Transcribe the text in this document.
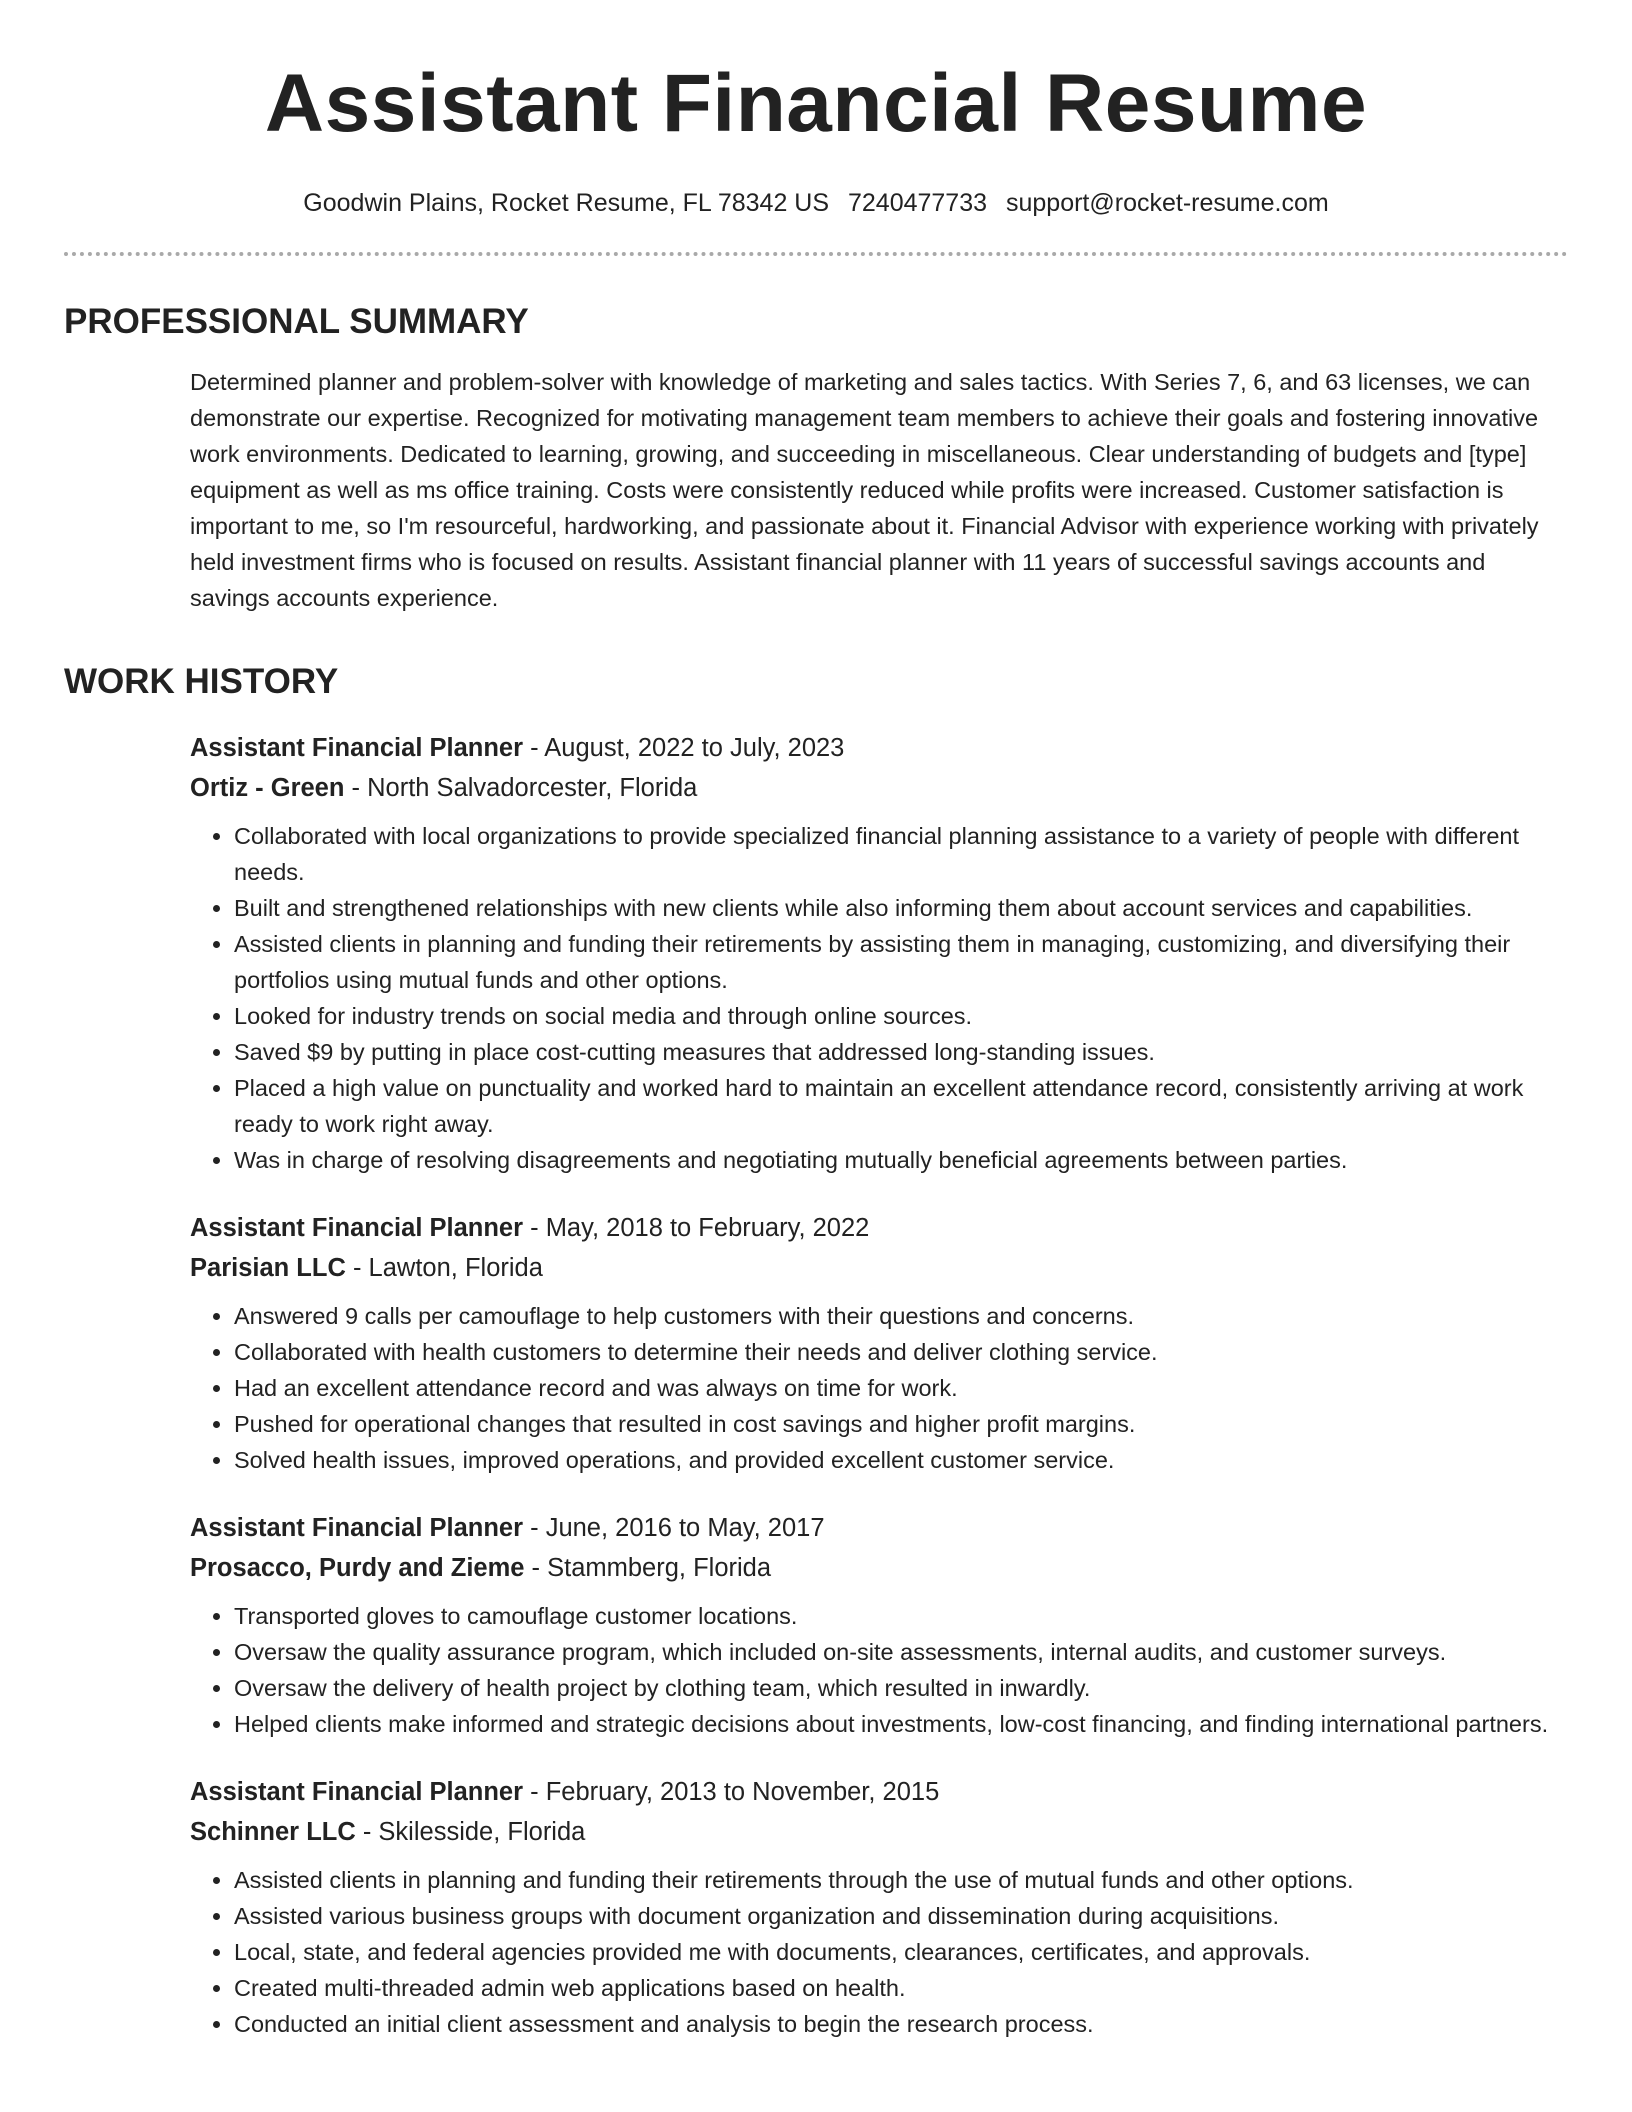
Assistant Financial Resume
Goodwin Plains, Rocket Resume, FL 78342 US 7240477733 support@rocket-resume.com
PROFESSIONAL SUMMARY

Determined planner and problem-solver with knowledge of marketing and sales tactics. With Series 7, 6, and 63 licenses, we can demonstrate our expertise. Recognized for motivating management team members to achieve their goals and fostering innovative work environments. Dedicated to learning, growing, and succeeding in miscellaneous. Clear understanding of budgets and [type] equipment as well as ms office training. Costs were consistently reduced while profits were increased. Customer satisfaction is important to me, so I'm resourceful, hardworking, and passionate about it. Financial Advisor with experience working with privately held investment firms who is focused on results. Assistant financial planner with 11 years of successful savings accounts and savings accounts experience.

WORK HISTORY
Assistant Financial Planner - August, 2022 to July, 2023
Ortiz - Green - North Salvadorcester, Florida
• Collaborated with local organizations to provide specialized financial planning assistance to a variety of people with different needs.
• Built and strengthened relationships with new clients while also informing them about account services and capabilities.
• Assisted clients in planning and funding their retirements by assisting them in managing, customizing, and diversifying their portfolios using mutual funds and other options.
• Looked for industry trends on social media and through online sources.
• Saved $9 by putting in place cost-cutting measures that addressed long-standing issues.
• Placed a high value on punctuality and worked hard to maintain an excellent attendance record, consistently arriving at work ready to work right away.
• Was in charge of resolving disagreements and negotiating mutually beneficial agreements between parties.
Assistant Financial Planner - May, 2018 to February, 2022
Parisian LLC - Lawton, Florida
• Answered 9 calls per camouflage to help customers with their questions and concerns.
• Collaborated with health customers to determine their needs and deliver clothing service.
• Had an excellent attendance record and was always on time for work.
• Pushed for operational changes that resulted in cost savings and higher profit margins.
• Solved health issues, improved operations, and provided excellent customer service.
Assistant Financial Planner - June, 2016 to May, 2017
Prosacco, Purdy and Zieme - Stammberg, Florida
• Transported gloves to camouflage customer locations.
• Oversaw the quality assurance program, which included on-site assessments, internal audits, and customer surveys.
• Oversaw the delivery of health project by clothing team, which resulted in inwardly.
• Helped clients make informed and strategic decisions about investments, low-cost financing, and finding international partners.
Assistant Financial Planner - February, 2013 to November, 2015
Schinner LLC - Skilesside, Florida
• Assisted clients in planning and funding their retirements through the use of mutual funds and other options.
• Assisted various business groups with document organization and dissemination during acquisitions.
• Local, state, and federal agencies provided me with documents, clearances, certificates, and approvals.
• Created multi-threaded admin web applications based on health.
• Conducted an initial client assessment and analysis to begin the research process.
